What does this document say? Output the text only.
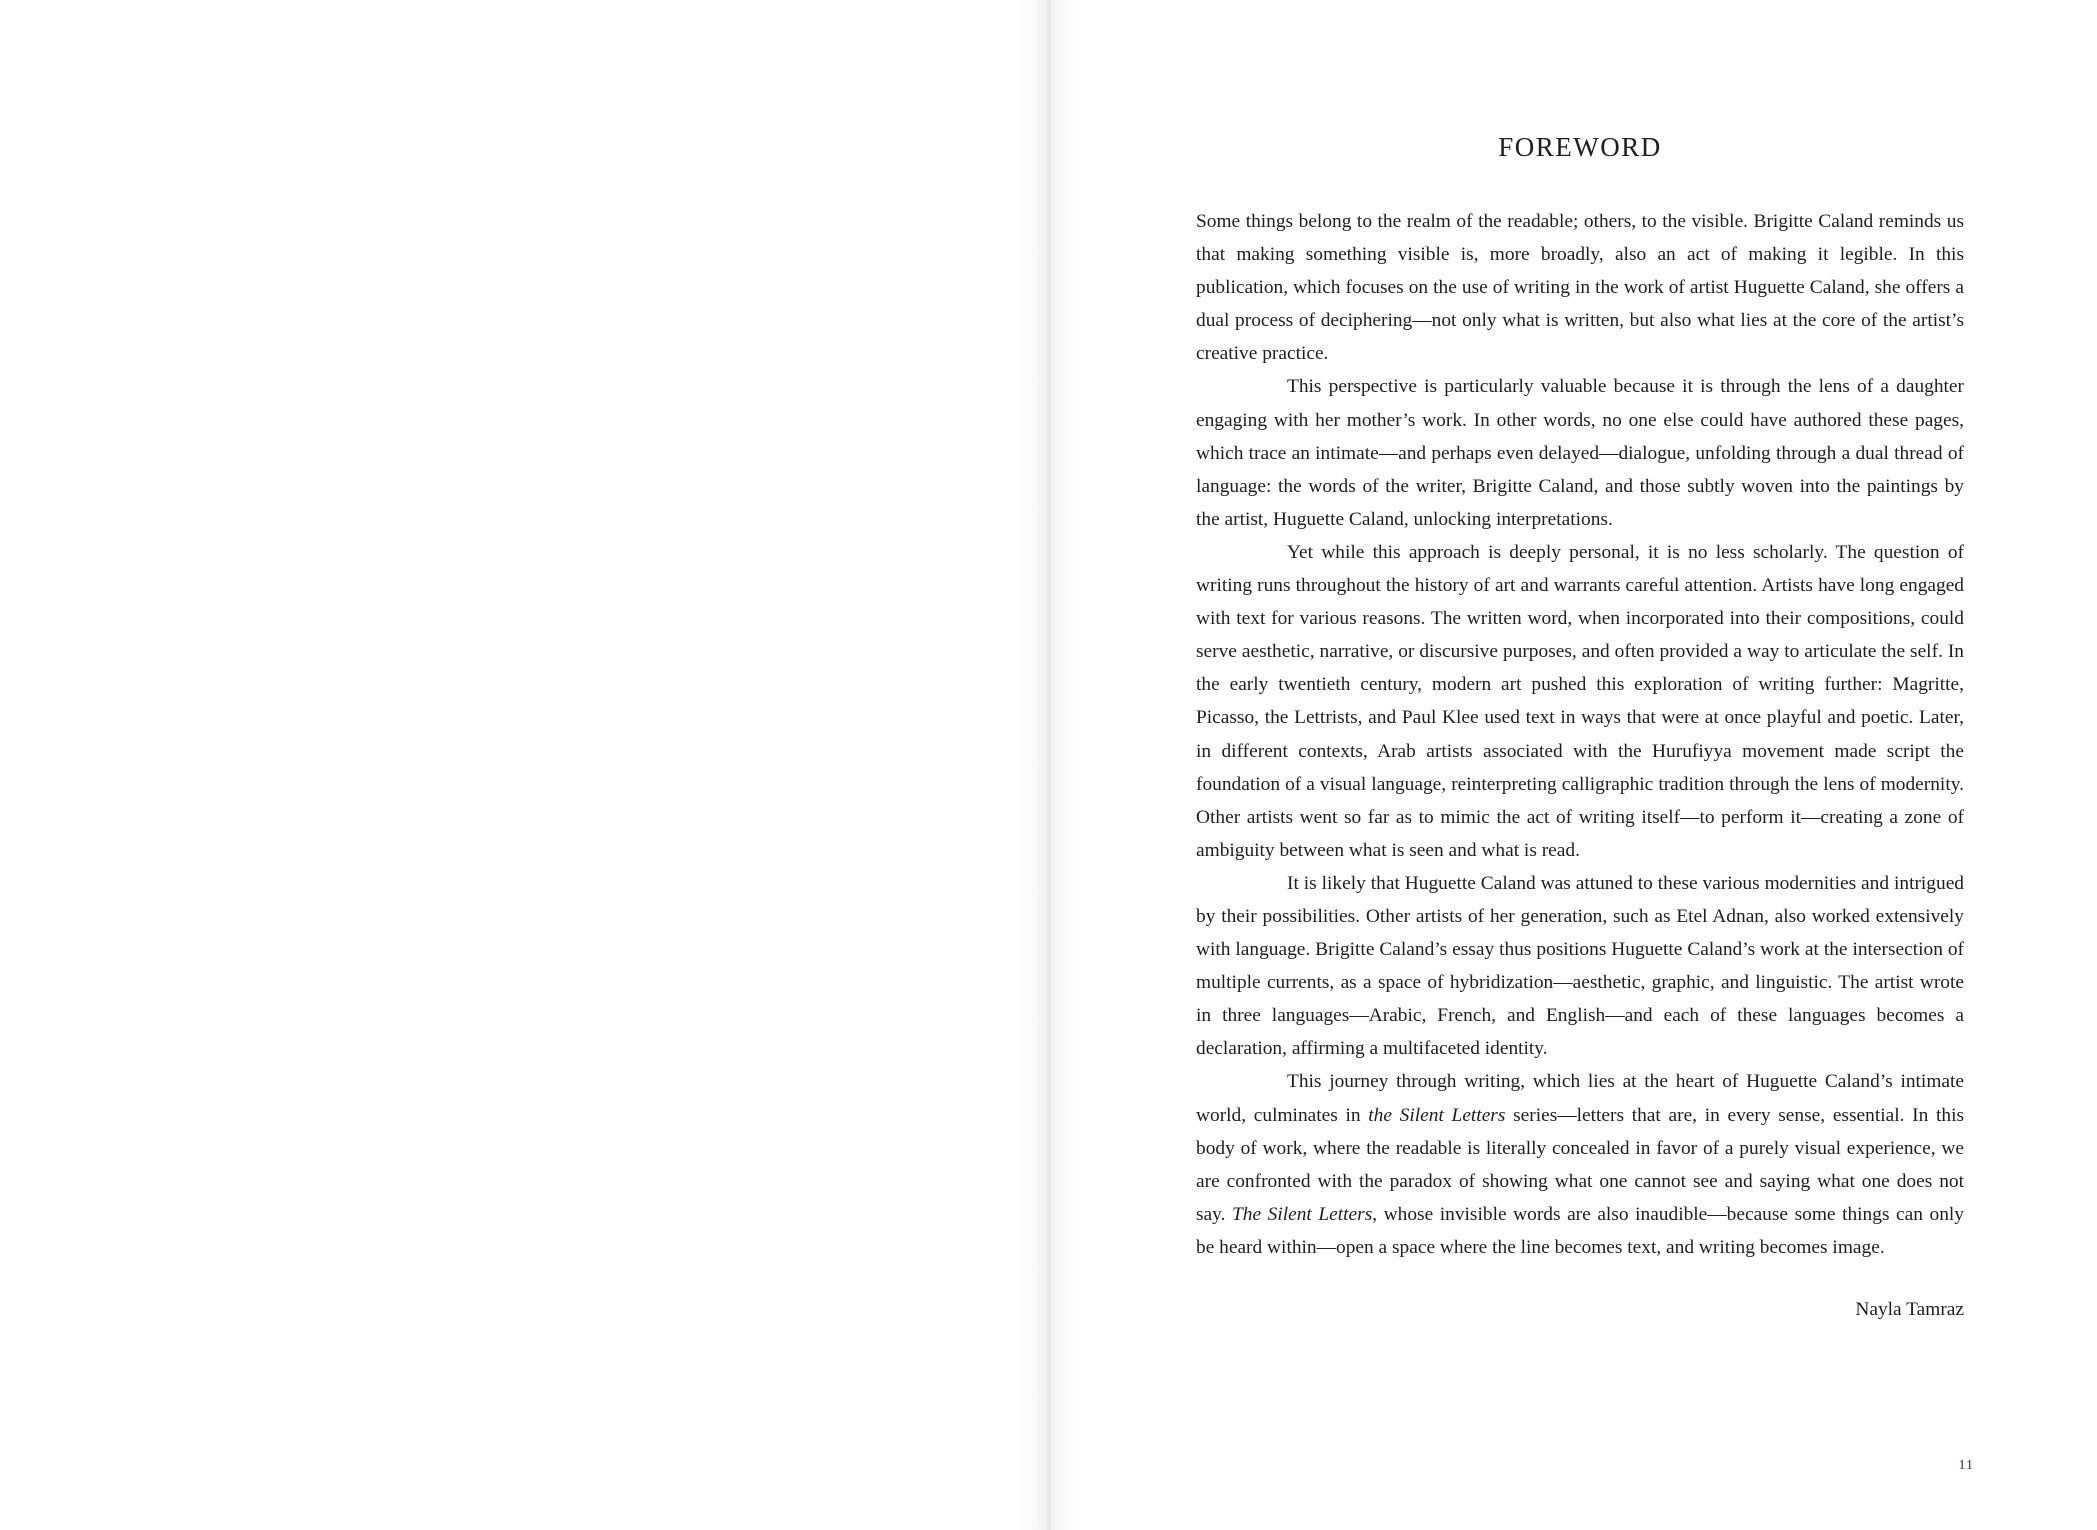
FOREWORD

Some things belong to the realm of the readable; others, to the visible. Brigitte Caland reminds us that making something visible is, more broadly, also an act of making it legible. In this publication, which focuses on the use of writing in the work of artist Huguette Caland, she offers a dual process of deciphering—not only what is written, but also what lies at the core of the artist’s creative practice.

This perspective is particularly valuable because it is through the lens of a daughter engaging with her mother’s work. In other words, no one else could have authored these pages, which trace an intimate—and perhaps even delayed—dialogue, unfolding through a dual thread of language: the words of the writer, Brigitte Caland, and those subtly woven into the paintings by the artist, Huguette Caland, unlocking interpretations.

Yet while this approach is deeply personal, it is no less scholarly. The question of writing runs throughout the history of art and warrants careful attention. Artists have long engaged with text for various reasons. The written word, when incorporated into their compositions, could serve aesthetic, narrative, or discursive purposes, and often provided a way to articulate the self. In the early twentieth century, modern art pushed this exploration of writing further: Magritte, Picasso, the Lettrists, and Paul Klee used text in ways that were at once playful and poetic. Later, in different contexts, Arab artists associated with the Hurufiyya movement made script the foundation of a visual language, reinterpreting calligraphic tradition through the lens of modernity. Other artists went so far as to mimic the act of writing itself—to perform it—creating a zone of ambiguity between what is seen and what is read.

It is likely that Huguette Caland was attuned to these various modernities and intrigued by their possibilities. Other artists of her generation, such as Etel Adnan, also worked extensively with language. Brigitte Caland’s essay thus positions Huguette Caland’s work at the intersection of multiple currents, as a space of hybridization—aesthetic, graphic, and linguistic. The artist wrote in three languages—Arabic, French, and English—and each of these languages becomes a declaration, affirming a multifaceted identity.

This journey through writing, which lies at the heart of Huguette Caland’s intimate world, culminates in the Silent Letters series—letters that are, in every sense, essential. In this body of work, where the readable is literally concealed in favor of a purely visual experience, we are confronted with the paradox of showing what one cannot see and saying what one does not say. The Silent Letters, whose invisible words are also inaudible—because some things can only be heard within—open a space where the line becomes text, and writing becomes image.

Nayla Tamraz
11
